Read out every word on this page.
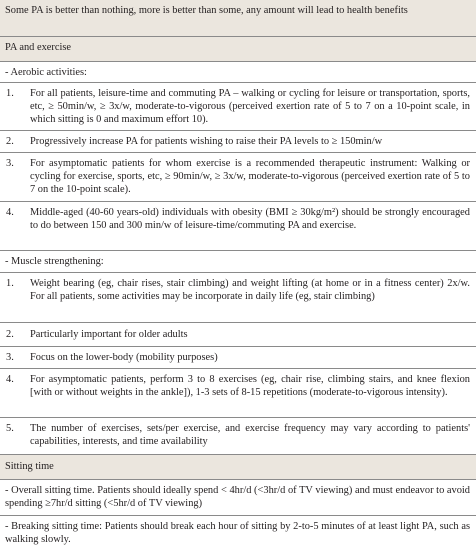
Some PA is better than nothing, more is better than some, any amount will lead to health benefits
PA and exercise
- Aerobic activities:
1.	For all patients, leisure-time and commuting PA – walking or cycling for leisure or transportation, sports, etc, ≥ 50min/w, ≥ 3x/w, moderate-to-vigorous (perceived exertion rate of 5 to 7 on a 10-point scale, in which sitting is 0 and maximum effort 10).
2.	Progressively increase PA for patients wishing to raise their PA levels to ≥ 150min/w
3.	For asymptomatic patients for whom exercise is a recommended therapeutic instrument: Walking or cycling for exercise, sports, etc, ≥ 90min/w, ≥ 3x/w, moderate-to-vigorous (perceived exertion rate of 5 to 7 on the 10-point scale).
4.	Middle-aged (40-60 years-old) individuals with obesity (BMI ≥ 30kg/m²) should be strongly encouraged to do between 150 and 300 min/w of leisure-time/commuting PA and exercise.
- Muscle strengthening:
1.	Weight bearing (eg, chair rises, stair climbing) and weight lifting (at home or in a fitness center) 2x/w. For all patients, some activities may be incorporate in daily life (eg, stair climbing)
2.	Particularly important for older adults
3.	Focus on the lower-body (mobility purposes)
4.	For asymptomatic patients, perform 3 to 8 exercises (eg, chair rise, climbing stairs, and knee flexion [with or without weights in the ankle]), 1-3 sets of 8-15 repetitions (moderate-to-vigorous intensity).
5.	The number of exercises, sets/per exercise, and exercise frequency may vary according to patients' capabilities, interests, and time availability
Sitting time
- Overall sitting time. Patients should ideally spend < 4hr/d (<3hr/d of TV viewing) and must endeavor to avoid spending ≥7hr/d sitting (<5hr/d of TV viewing)
- Breaking sitting time: Patients should break each hour of sitting by 2-to-5 minutes of at least light PA, such as walking slowly.
